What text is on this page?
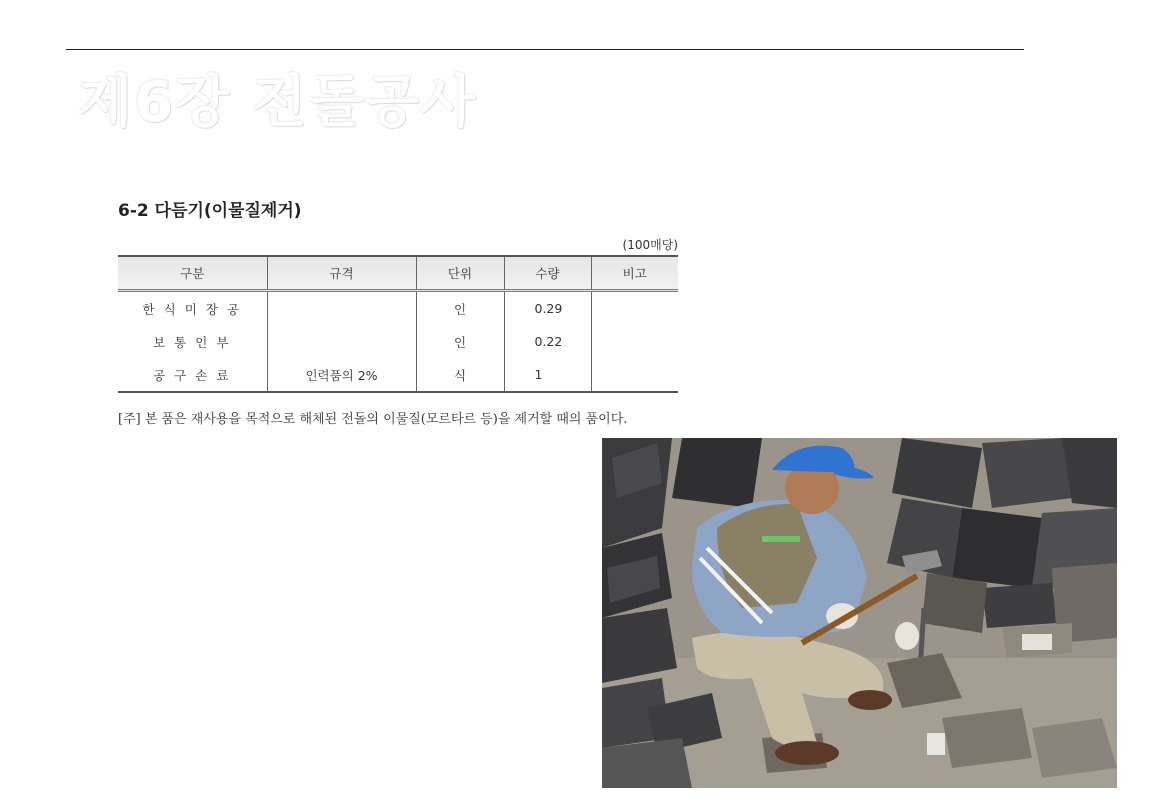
제6장 전돌공사
6-2 다듬기(이물질제거)
(100매당)
구분	규격	단위	수량	비고
한식미장공		인	0.29	
보통인부		인	0.22	
공구손료	인력품의 2%	식	1	
[주] 본 품은 재사용을 목적으로 해체된 전돌의 이물질(모르타르 등)을 제거할 때의 품이다.
